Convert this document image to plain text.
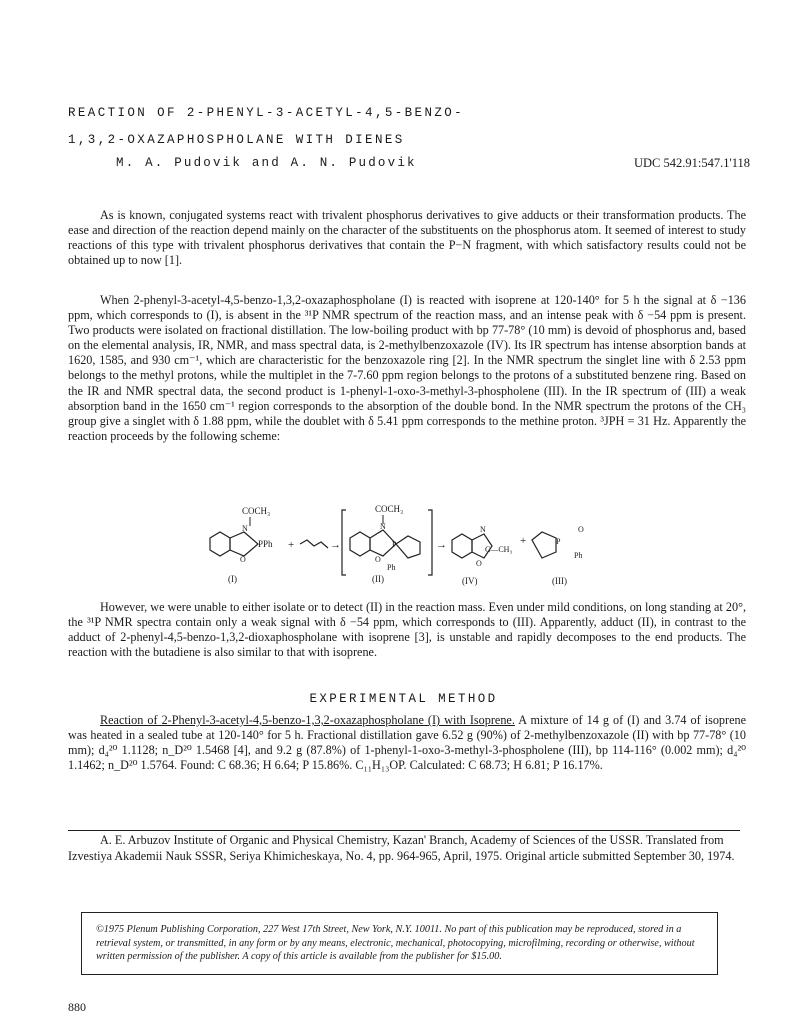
REACTION OF 2-PHENYL-3-ACETYL-4,5-BENZO-
1,3,2-OXAZAPHOSPHOLANE WITH DIENES
M. A. Pudovik and A. N. Pudovik	UDC 542.91:547.1'118

As is known, conjugated systems react with trivalent phosphorus derivatives to give adducts or their transformation products. The ease and direction of the reaction depend mainly on the character of the substituents on the phosphorus atom. It seemed of interest to study reactions of this type with trivalent phosphorus derivatives that contain the P−N fragment, with which satisfactory results could not be obtained up to now [1].

When 2-phenyl-3-acetyl-4,5-benzo-1,3,2-oxazaphospholane (I) is reacted with isoprene at 120-140° for 5 h the signal at δ −136 ppm, which corresponds to (I), is absent in the ³¹P NMR spectrum of the reaction mass, and an intense peak with δ −54 ppm is present. Two products were isolated on fractional distillation. The low-boiling product with bp 77-78° (10 mm) is devoid of phosphorus and, based on the elemental analysis, IR, NMR, and mass spectral data, is 2-methylbenzoxazole (IV). Its IR spectrum has intense absorption bands at 1620, 1585, and 930 cm⁻¹, which are characteristic for the benzoxazole ring [2]. In the NMR spectrum the singlet line with δ 2.53 ppm belongs to the methyl protons, while the multiplet in the 7-7.60 ppm region belongs to the protons of a substituted benzene ring. Based on the IR and NMR spectral data, the second product is 1-phenyl-1-oxo-3-methyl-3-phospholene (III). In the IR spectrum of (III) a weak absorption band in the 1650 cm⁻¹ region corresponds to the absorption of the double bond. In the NMR spectrum the protons of the CH₃ group give a singlet with δ 1.88 ppm, while the doublet with δ 5.41 ppm corresponds to the methine proton. ³JPH = 31 Hz. Apparently the reaction proceeds by the following scheme:

COCH₃
N
O
PPh
(I)
+	→
COCH₃
P
N
O
Ph
(II)
→
N
O
C—CH₃
(IV)
+	P
O
Ph
(III)

However, we were unable to either isolate or to detect (II) in the reaction mass. Even under mild conditions, on long standing at 20°, the ³¹P NMR spectra contain only a weak signal with δ −54 ppm, which corresponds to (III). Apparently, adduct (II), in contrast to the adduct of 2-phenyl-4,5-benzo-1,3,2-dioxaphospholane with isoprene [3], is unstable and rapidly decomposes to the end products. The reaction with the butadiene is also similar to that with isoprene.

EXPERIMENTAL METHOD

Reaction of 2-Phenyl-3-acetyl-4,5-benzo-1,3,2-oxazaphospholane (I) with Isoprene. A mixture of 14 g of (I) and 3.74 of isoprene was heated in a sealed tube at 120-140° for 5 h. Fractional distillation gave 6.52 g (90%) of 2-methylbenzoxazole (II) with bp 77-78° (10 mm); d₄²⁰ 1.1128; n_D²⁰ 1.5468 [4], and 9.2 g (87.8%) of 1-phenyl-1-oxo-3-methyl-3-phospholene (III), bp 114-116° (0.002 mm); d₄²⁰ 1.1462; n_D²⁰ 1.5764. Found: C 68.36; H 6.64; P 15.86%. C₁₁H₁₃OP. Calculated: C 68.73; H 6.81; P 16.17%.

A. E. Arbuzov Institute of Organic and Physical Chemistry, Kazan' Branch, Academy of Sciences of the USSR. Translated from Izvestiya Akademii Nauk SSSR, Seriya Khimicheskaya, No. 4, pp. 964-965, April, 1975. Original article submitted September 30, 1974.

©1975 Plenum Publishing Corporation, 227 West 17th Street, New York, N.Y. 10011. No part of this publication may be reproduced, stored in a retrieval system, or transmitted, in any form or by any means, electronic, mechanical, photocopying, microfilming, recording or otherwise, without written permission of the publisher. A copy of this article is available from the publisher for $15.00.
880
